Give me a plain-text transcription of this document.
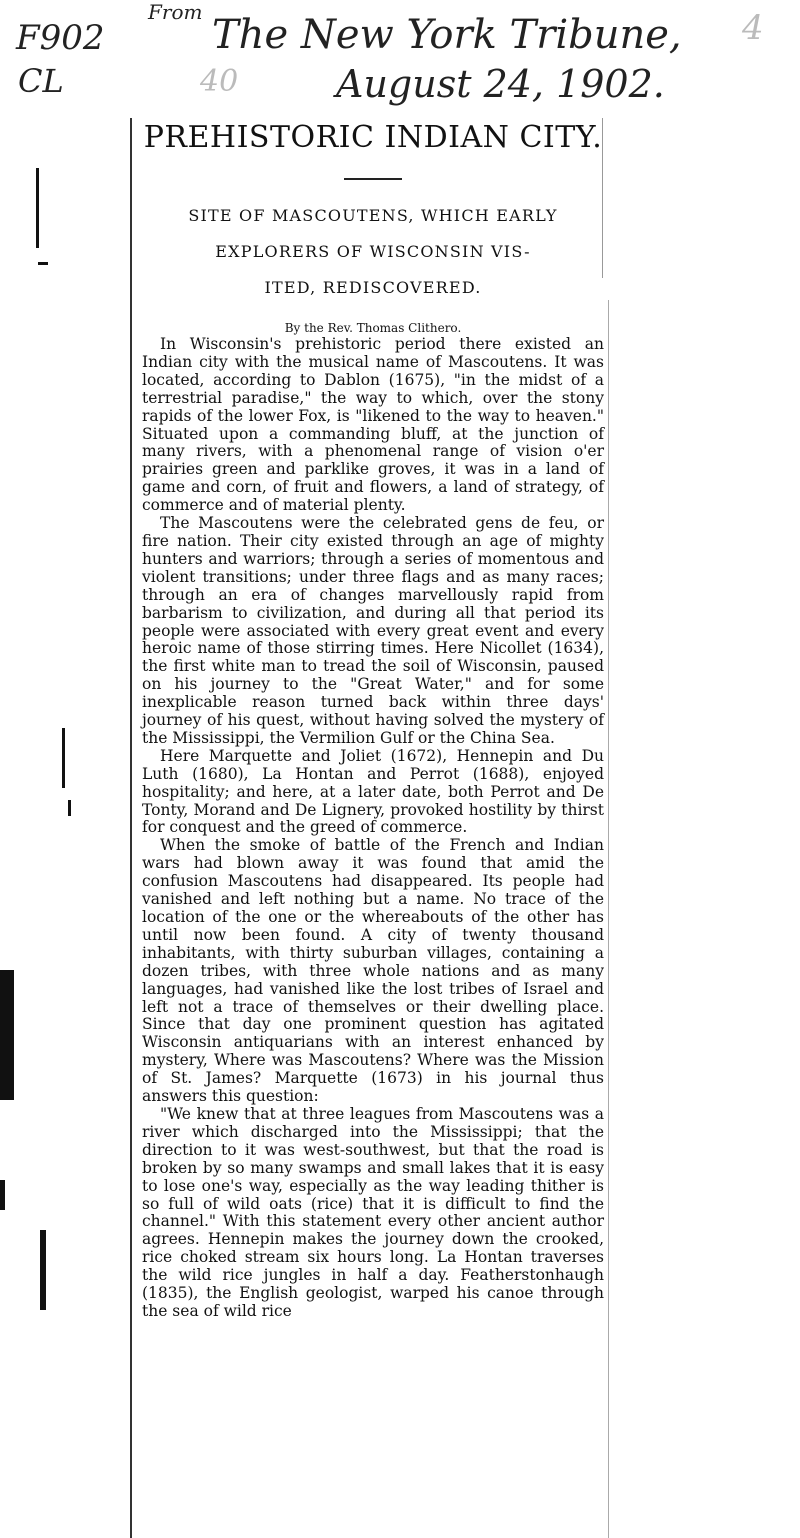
F902
CL
From The New York Tribune,
40	August 24, 1902.
4
PREHISTORIC INDIAN CITY.

SITE OF MASCOUTENS, WHICH EARLY

EXPLORERS OF WISCONSIN VIS-

ITED, REDISCOVERED.

By the Rev. Thomas Clithero.

In Wisconsin's prehistoric period there existed an Indian city with the musical name of Mascoutens. It was located, according to Dablon (1675), "in the midst of a terrestrial paradise," the way to which, over the stony rapids of the lower Fox, is "likened to the way to heaven." Situated upon a commanding bluff, at the junction of many rivers, with a phenomenal range of vision o'er prairies green and parklike groves, it was in a land of game and corn, of fruit and flowers, a land of strategy, of commerce and of material plenty.

The Mascoutens were the celebrated gens de feu, or fire nation. Their city existed through an age of mighty hunters and warriors; through a series of momentous and violent transitions; under three flags and as many races; through an era of changes marvellously rapid from barbarism to civilization, and during all that period its people were associated with every great event and every heroic name of those stirring times. Here Nicollet (1634), the first white man to tread the soil of Wisconsin, paused on his journey to the "Great Water," and for some inexplicable reason turned back within three days' journey of his quest, without having solved the mystery of the Mississippi, the Vermilion Gulf or the China Sea.

Here Marquette and Joliet (1672), Hennepin and Du Luth (1680), La Hontan and Perrot (1688), enjoyed hospitality; and here, at a later date, both Perrot and De Tonty, Morand and De Lignery, provoked hostility by thirst for conquest and the greed of commerce.

When the smoke of battle of the French and Indian wars had blown away it was found that amid the confusion Mascoutens had disappeared. Its people had vanished and left nothing but a name. No trace of the location of the one or the whereabouts of the other has until now been found. A city of twenty thousand inhabitants, with thirty suburban villages, containing a dozen tribes, with three whole nations and as many languages, had vanished like the lost tribes of Israel and left not a trace of themselves or their dwelling place. Since that day one prominent question has agitated Wisconsin antiquarians with an interest enhanced by mystery, Where was Mascoutens? Where was the Mission of St. James? Marquette (1673) in his journal thus answers this question:

"We knew that at three leagues from Mascoutens was a river which discharged into the Mississippi; that the direction to it was west-southwest, but that the road is broken by so many swamps and small lakes that it is easy to lose one's way, especially as the way leading thither is so full of wild oats (rice) that it is difficult to find the channel." With this statement every other ancient author agrees. Hennepin makes the journey down the crooked, rice choked stream six hours long. La Hontan traverses the wild rice jungles in half a day. Featherstonhaugh (1835), the English geologist, warped his canoe through the sea of wild rice
